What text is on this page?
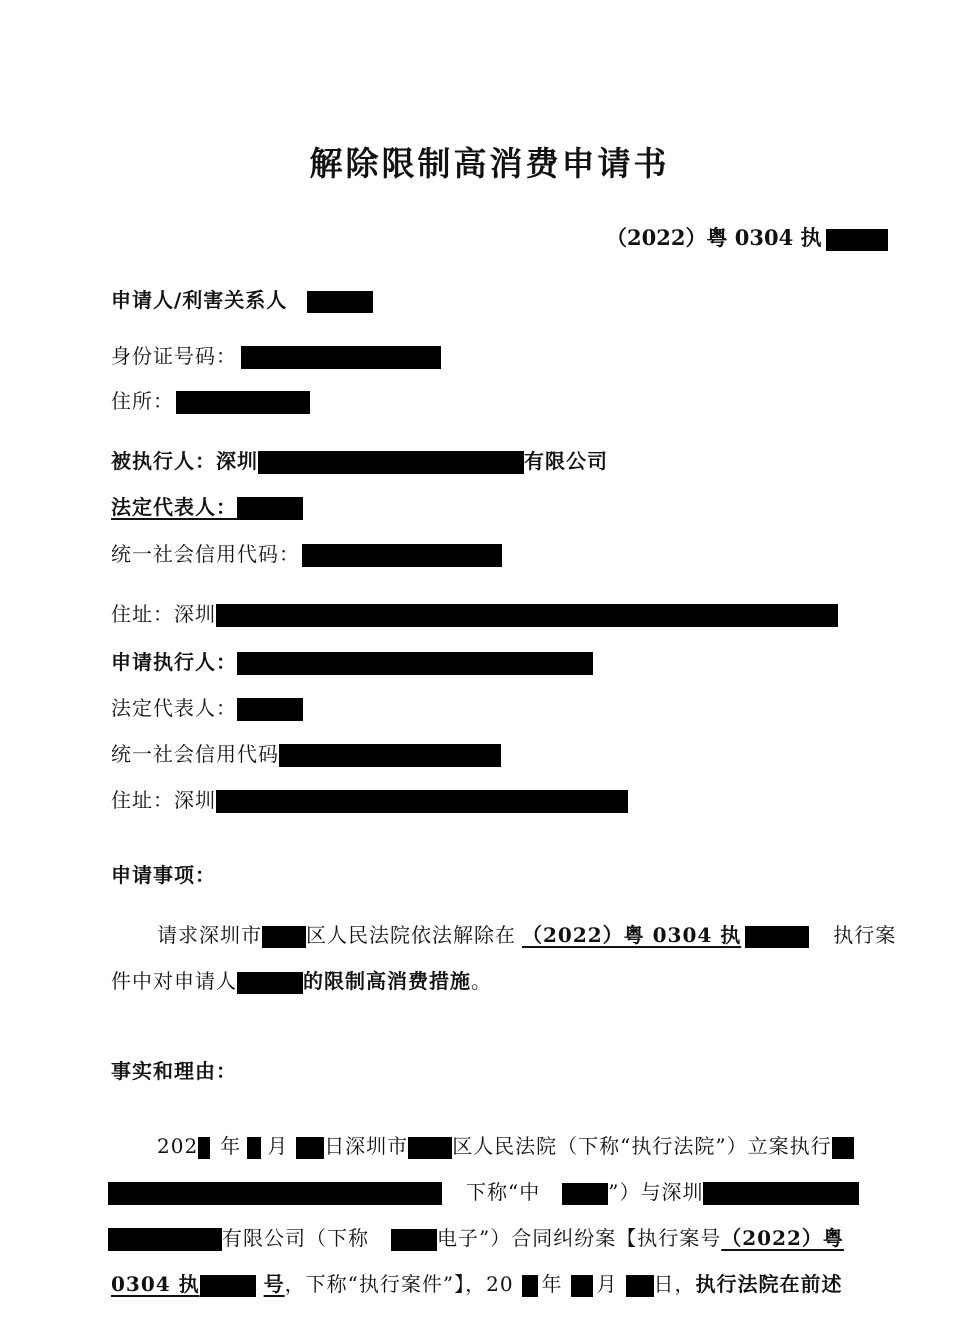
解除限制高消费申请书
（2022）粤 0304 执
申请人/利害关系人
身份证号码：
住所：
被执行人：深圳	有限公司
法定代表人：
统一社会信用代码：
住址：深圳
申请执行人：
法定代表人：
统一社会信用代码
住址：深圳
申请事项：
请求深圳市 区人民法院依法解除在 （2022）粤 0304 执	执行案
件中对申请人	的限制高消费措施。
事实和理由：
202 年 月 日深圳市 区人民法院（下称“执行法院”）立案执行
下称“中	”）与深圳
有限公司（下称	电子”）合同纠纷案【执行案号（2022）粤
0304 执	号，下称“执行案件”】，20 年 月 日，执行法院在前述
